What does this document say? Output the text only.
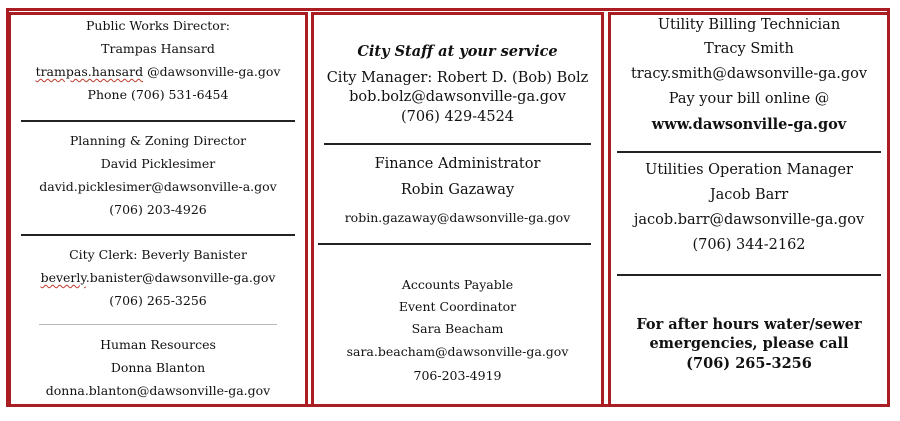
Public Works Director:
Trampas Hansard
trampas.hansard @dawsonville-ga.gov
Phone (706) 531-6454
Planning & Zoning Director
David Picklesimer
david.picklesimer@dawsonville-a.gov
(706) 203-4926
City Clerk: Beverly Banister
beverly.banister@dawsonville-ga.gov
(706) 265-3256
Human Resources
Donna Blanton
donna.blanton@dawsonville-ga.gov
City Staff at your service
City Manager: Robert D. (Bob) Bolz
bob.bolz@dawsonville-ga.gov
(706) 429-4524
Finance Administrator
Robin Gazaway
robin.gazaway@dawsonville-ga.gov
Accounts Payable
Event Coordinator
Sara Beacham
sara.beacham@dawsonville-ga.gov
706-203-4919
Utility Billing Technician
Tracy Smith
tracy.smith@dawsonville-ga.gov
Pay your bill online @
www.dawsonville-ga.gov
Utilities Operation Manager
Jacob Barr
jacob.barr@dawsonville-ga.gov
(706) 344-2162
For after hours water/sewer
emergencies, please call
(706) 265-3256
